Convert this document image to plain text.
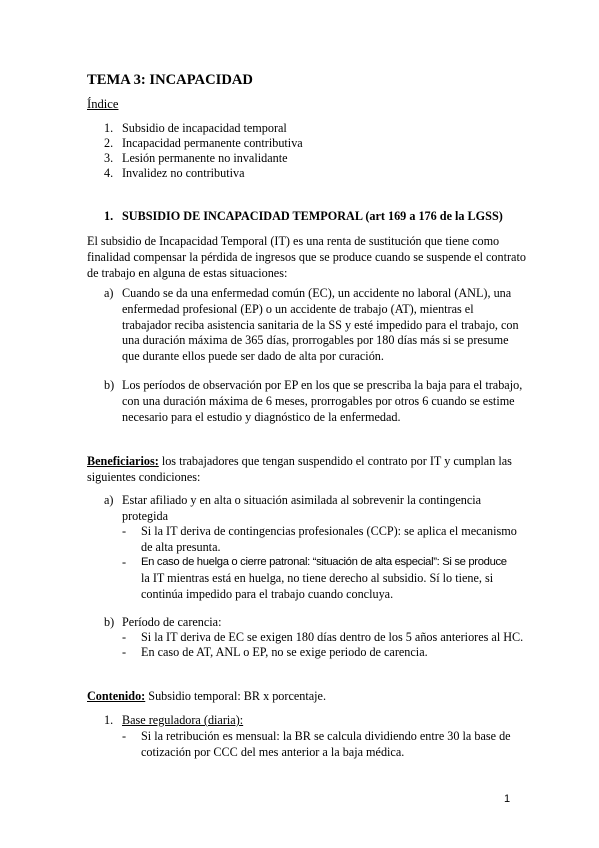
TEMA 3: INCAPACIDAD
Índice
1. Subsidio de incapacidad temporal
2. Incapacidad permanente contributiva
3. Lesión permanente no invalidante
4. Invalidez no contributiva
1. SUBSIDIO DE INCAPACIDAD TEMPORAL (art 169 a 176 de la LGSS)
El subsidio de Incapacidad Temporal (IT) es una renta de sustitución que tiene como
finalidad compensar la pérdida de ingresos que se produce cuando se suspende el contrato
de trabajo en alguna de estas situaciones:
a) Cuando se da una enfermedad común (EC), un accidente no laboral (ANL), una
enfermedad profesional (EP) o un accidente de trabajo (AT), mientras el
trabajador reciba asistencia sanitaria de la SS y esté impedido para el trabajo, con
una duración máxima de 365 días, prorrogables por 180 días más si se presume
que durante ellos puede ser dado de alta por curación.
b) Los períodos de observación por EP en los que se prescriba la baja para el trabajo,
con una duración máxima de 6 meses, prorrogables por otros 6 cuando se estime
necesario para el estudio y diagnóstico de la enfermedad.
Beneficiarios: los trabajadores que tengan suspendido el contrato por IT y cumplan las
siguientes condiciones:
a) Estar afiliado y en alta o situación asimilada al sobrevenir la contingencia
protegida
- Si la IT deriva de contingencias profesionales (CCP): se aplica el mecanismo
de alta presunta.
- En caso de huelga o cierre patronal: “situación de alta especial”: Si se produce
la IT mientras está en huelga, no tiene derecho al subsidio. Sí lo tiene, si
continúa impedido para el trabajo cuando concluya.
b) Período de carencia:
- Si la IT deriva de EC se exigen 180 días dentro de los 5 años anteriores al HC.
- En caso de AT, ANL o EP, no se exige periodo de carencia.
Contenido: Subsidio temporal: BR x porcentaje.
1. Base reguladora (diaria):
- Si la retribución es mensual: la BR se calcula dividiendo entre 30 la base de
cotización por CCC del mes anterior a la baja médica.
1
